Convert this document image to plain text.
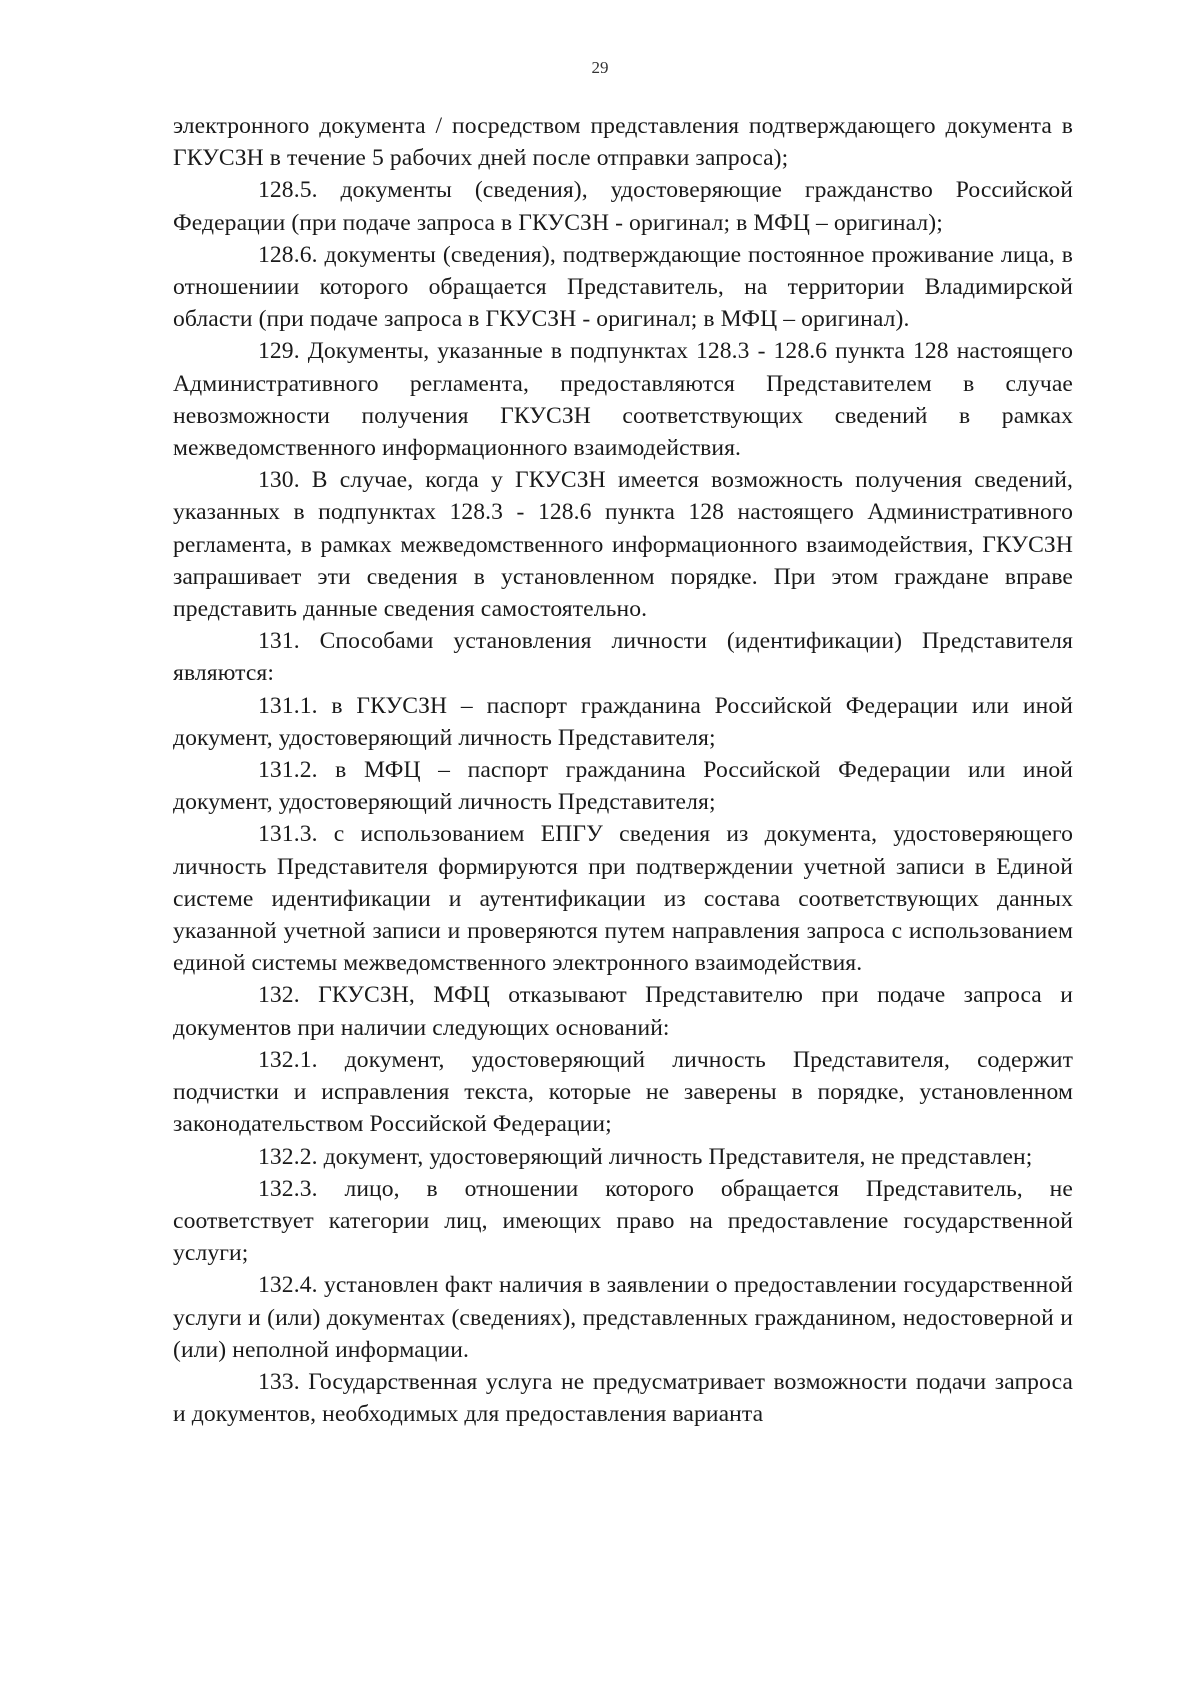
29

электронного документа / посредством представления подтверждающего документа в ГКУСЗН в течение 5 рабочих дней после отправки запроса);

128.5. документы (сведения), удостоверяющие гражданство Российской Федерации (при подаче запроса в ГКУСЗН - оригинал; в МФЦ – оригинал);

128.6. документы (сведения), подтверждающие постоянное проживание лица, в отношениии которого обращается Представитель, на территории Владимирской области (при подаче запроса в ГКУСЗН - оригинал; в МФЦ – оригинал).

129. Документы, указанные в подпунктах 128.3 - 128.6 пункта 128 настоящего Административного регламента, предоставляются Представителем в случае невозможности получения ГКУСЗН соответствующих сведений в рамках межведомственного информационного взаимодействия.

130. В случае, когда у ГКУСЗН имеется возможность получения сведений, указанных в подпунктах 128.3 - 128.6 пункта 128 настоящего Административного регламента, в рамках межведомственного информационного взаимодействия, ГКУСЗН запрашивает эти сведения в установленном порядке. При этом граждане вправе представить данные сведения самостоятельно.

131. Способами установления личности (идентификации) Представителя являются:

131.1. в ГКУСЗН – паспорт гражданина Российской Федерации или иной документ, удостоверяющий личность Представителя;

131.2. в МФЦ – паспорт гражданина Российской Федерации или иной документ, удостоверяющий личность Представителя;

131.3. с использованием ЕПГУ сведения из документа, удостоверяющего личность Представителя формируются при подтверждении учетной записи в Единой системе идентификации и аутентификации из состава соответствующих данных указанной учетной записи и проверяются путем направления запроса с использованием единой системы межведомственного электронного взаимодействия.

132. ГКУСЗН, МФЦ отказывают Представителю при подаче запроса и документов при наличии следующих оснований:

132.1. документ, удостоверяющий личность Представителя, содержит подчистки и исправления текста, которые не заверены в порядке, установленном законодательством Российской Федерации;

132.2. документ, удостоверяющий личность Представителя, не представлен;

132.3. лицо, в отношении которого обращается Представитель, не соответствует категории лиц, имеющих право на предоставление государственной услуги;

132.4. установлен факт наличия в заявлении о предоставлении государственной услуги и (или) документах (сведениях), представленных гражданином, недостоверной и (или) неполной информации.

133. Государственная услуга не предусматривает возможности подачи запроса и документов, необходимых для предоставления варианта
